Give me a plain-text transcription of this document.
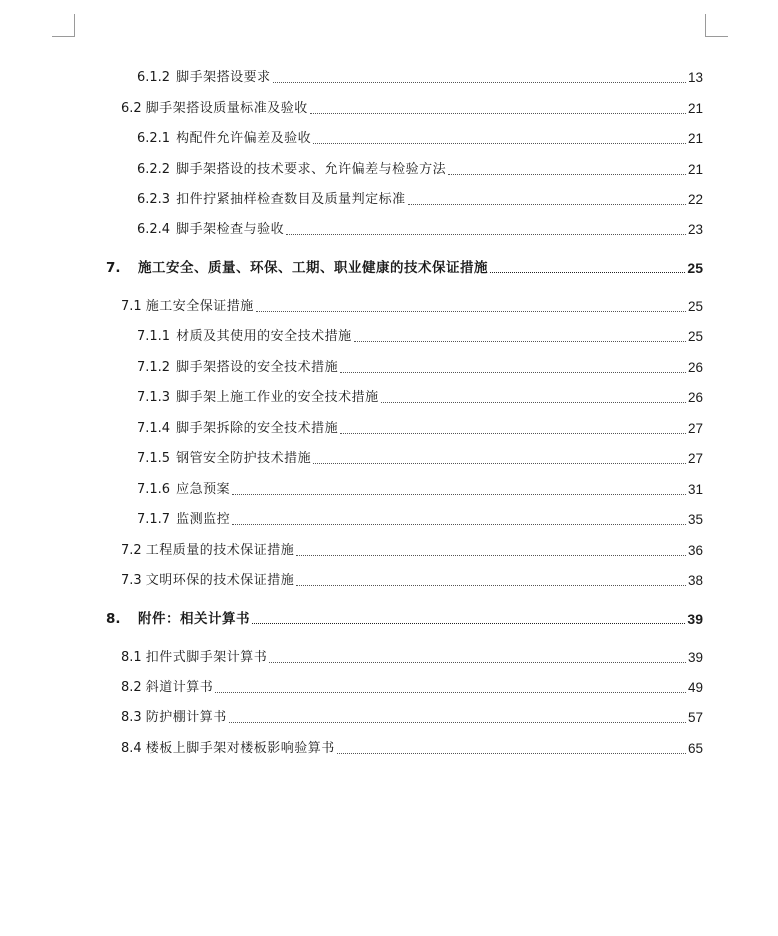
6.1.2 脚手架搭设要求	13
6.2 脚手架搭设质量标准及验收	21
6.2.1 构配件允许偏差及验收	21
6.2.2 脚手架搭设的技术要求、允许偏差与检验方法	21
6.2.3 扣件拧紧抽样检查数目及质量判定标准	22
6.2.4 脚手架检查与验收	23
7.	施工安全、质量、环保、工期、职业健康的技术保证措施	25
7.1 施工安全保证措施	25
7.1.1 材质及其使用的安全技术措施	25
7.1.2 脚手架搭设的安全技术措施	26
7.1.3 脚手架上施工作业的安全技术措施	26
7.1.4 脚手架拆除的安全技术措施	27
7.1.5 钢管安全防护技术措施	27
7.1.6 应急预案	31
7.1.7 监测监控	35
7.2 工程质量的技术保证措施	36
7.3 文明环保的技术保证措施	38
8.	附件：相关计算书	39
8.1 扣件式脚手架计算书	39
8.2 斜道计算书	49
8.3 防护棚计算书	57
8.4 楼板上脚手架对楼板影响验算书	65
